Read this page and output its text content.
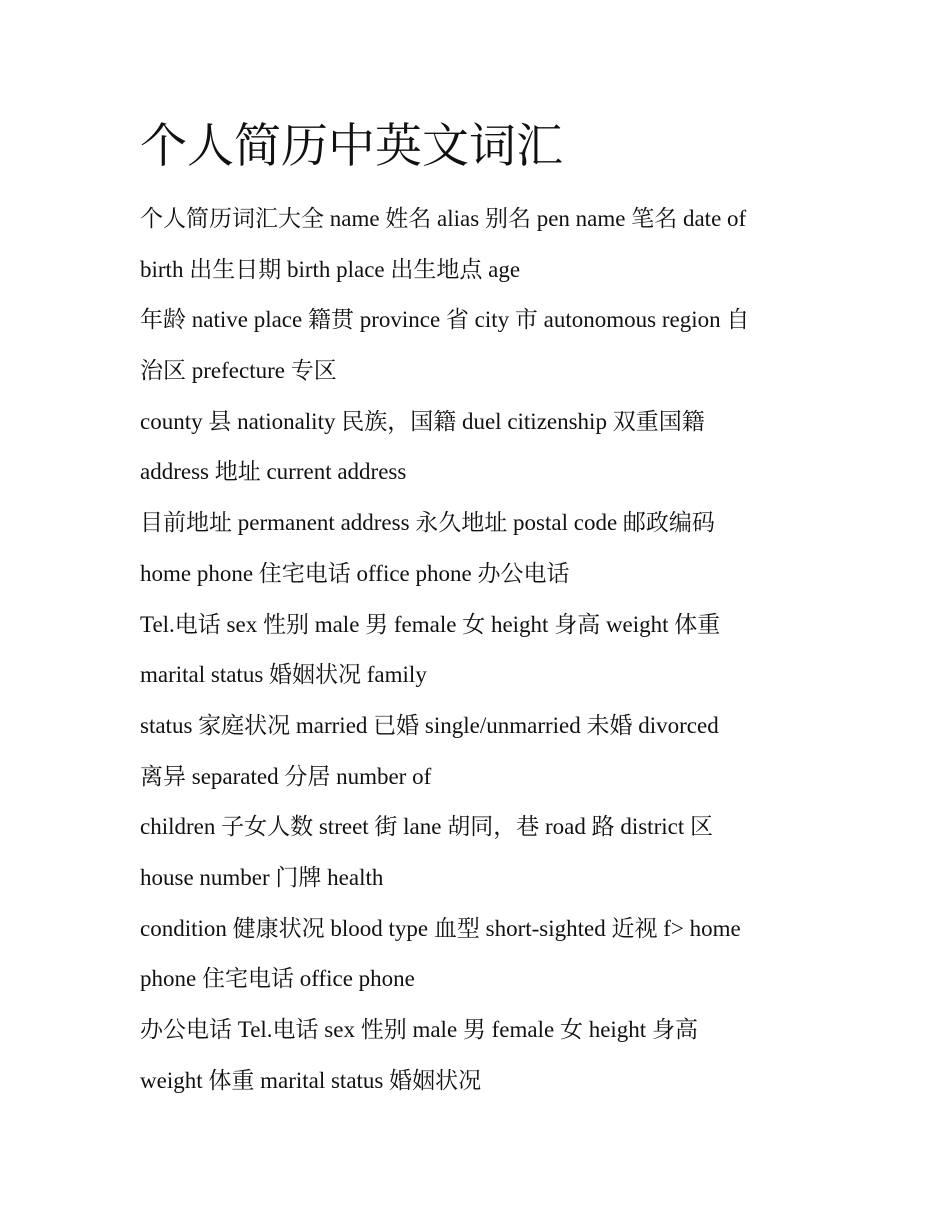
个人简历中英文词汇
个人简历词汇大全 name 姓名 alias 别名 pen name 笔名 date of
birth 出生日期 birth place 出生地点 age
年龄 native place 籍贯 province 省 city 市 autonomous region 自
治区 prefecture 专区
county 县 nationality 民族，国籍 duel citizenship 双重国籍
address 地址 current address
目前地址 permanent address 永久地址 postal code 邮政编码
home phone 住宅电话 office phone 办公电话
Tel.电话 sex 性别 male 男 female 女 height 身高 weight 体重
marital status 婚姻状况 family
status 家庭状况 married 已婚 single/unmarried 未婚 divorced
离异 separated 分居 number of
children 子女人数 street 街 lane 胡同，巷 road 路 district 区
house number 门牌 health
condition 健康状况 blood type 血型 short-sighted 近视 f> home
phone 住宅电话 office phone
办公电话 Tel.电话 sex 性别 male 男 female 女 height 身高
weight 体重 marital status 婚姻状况
